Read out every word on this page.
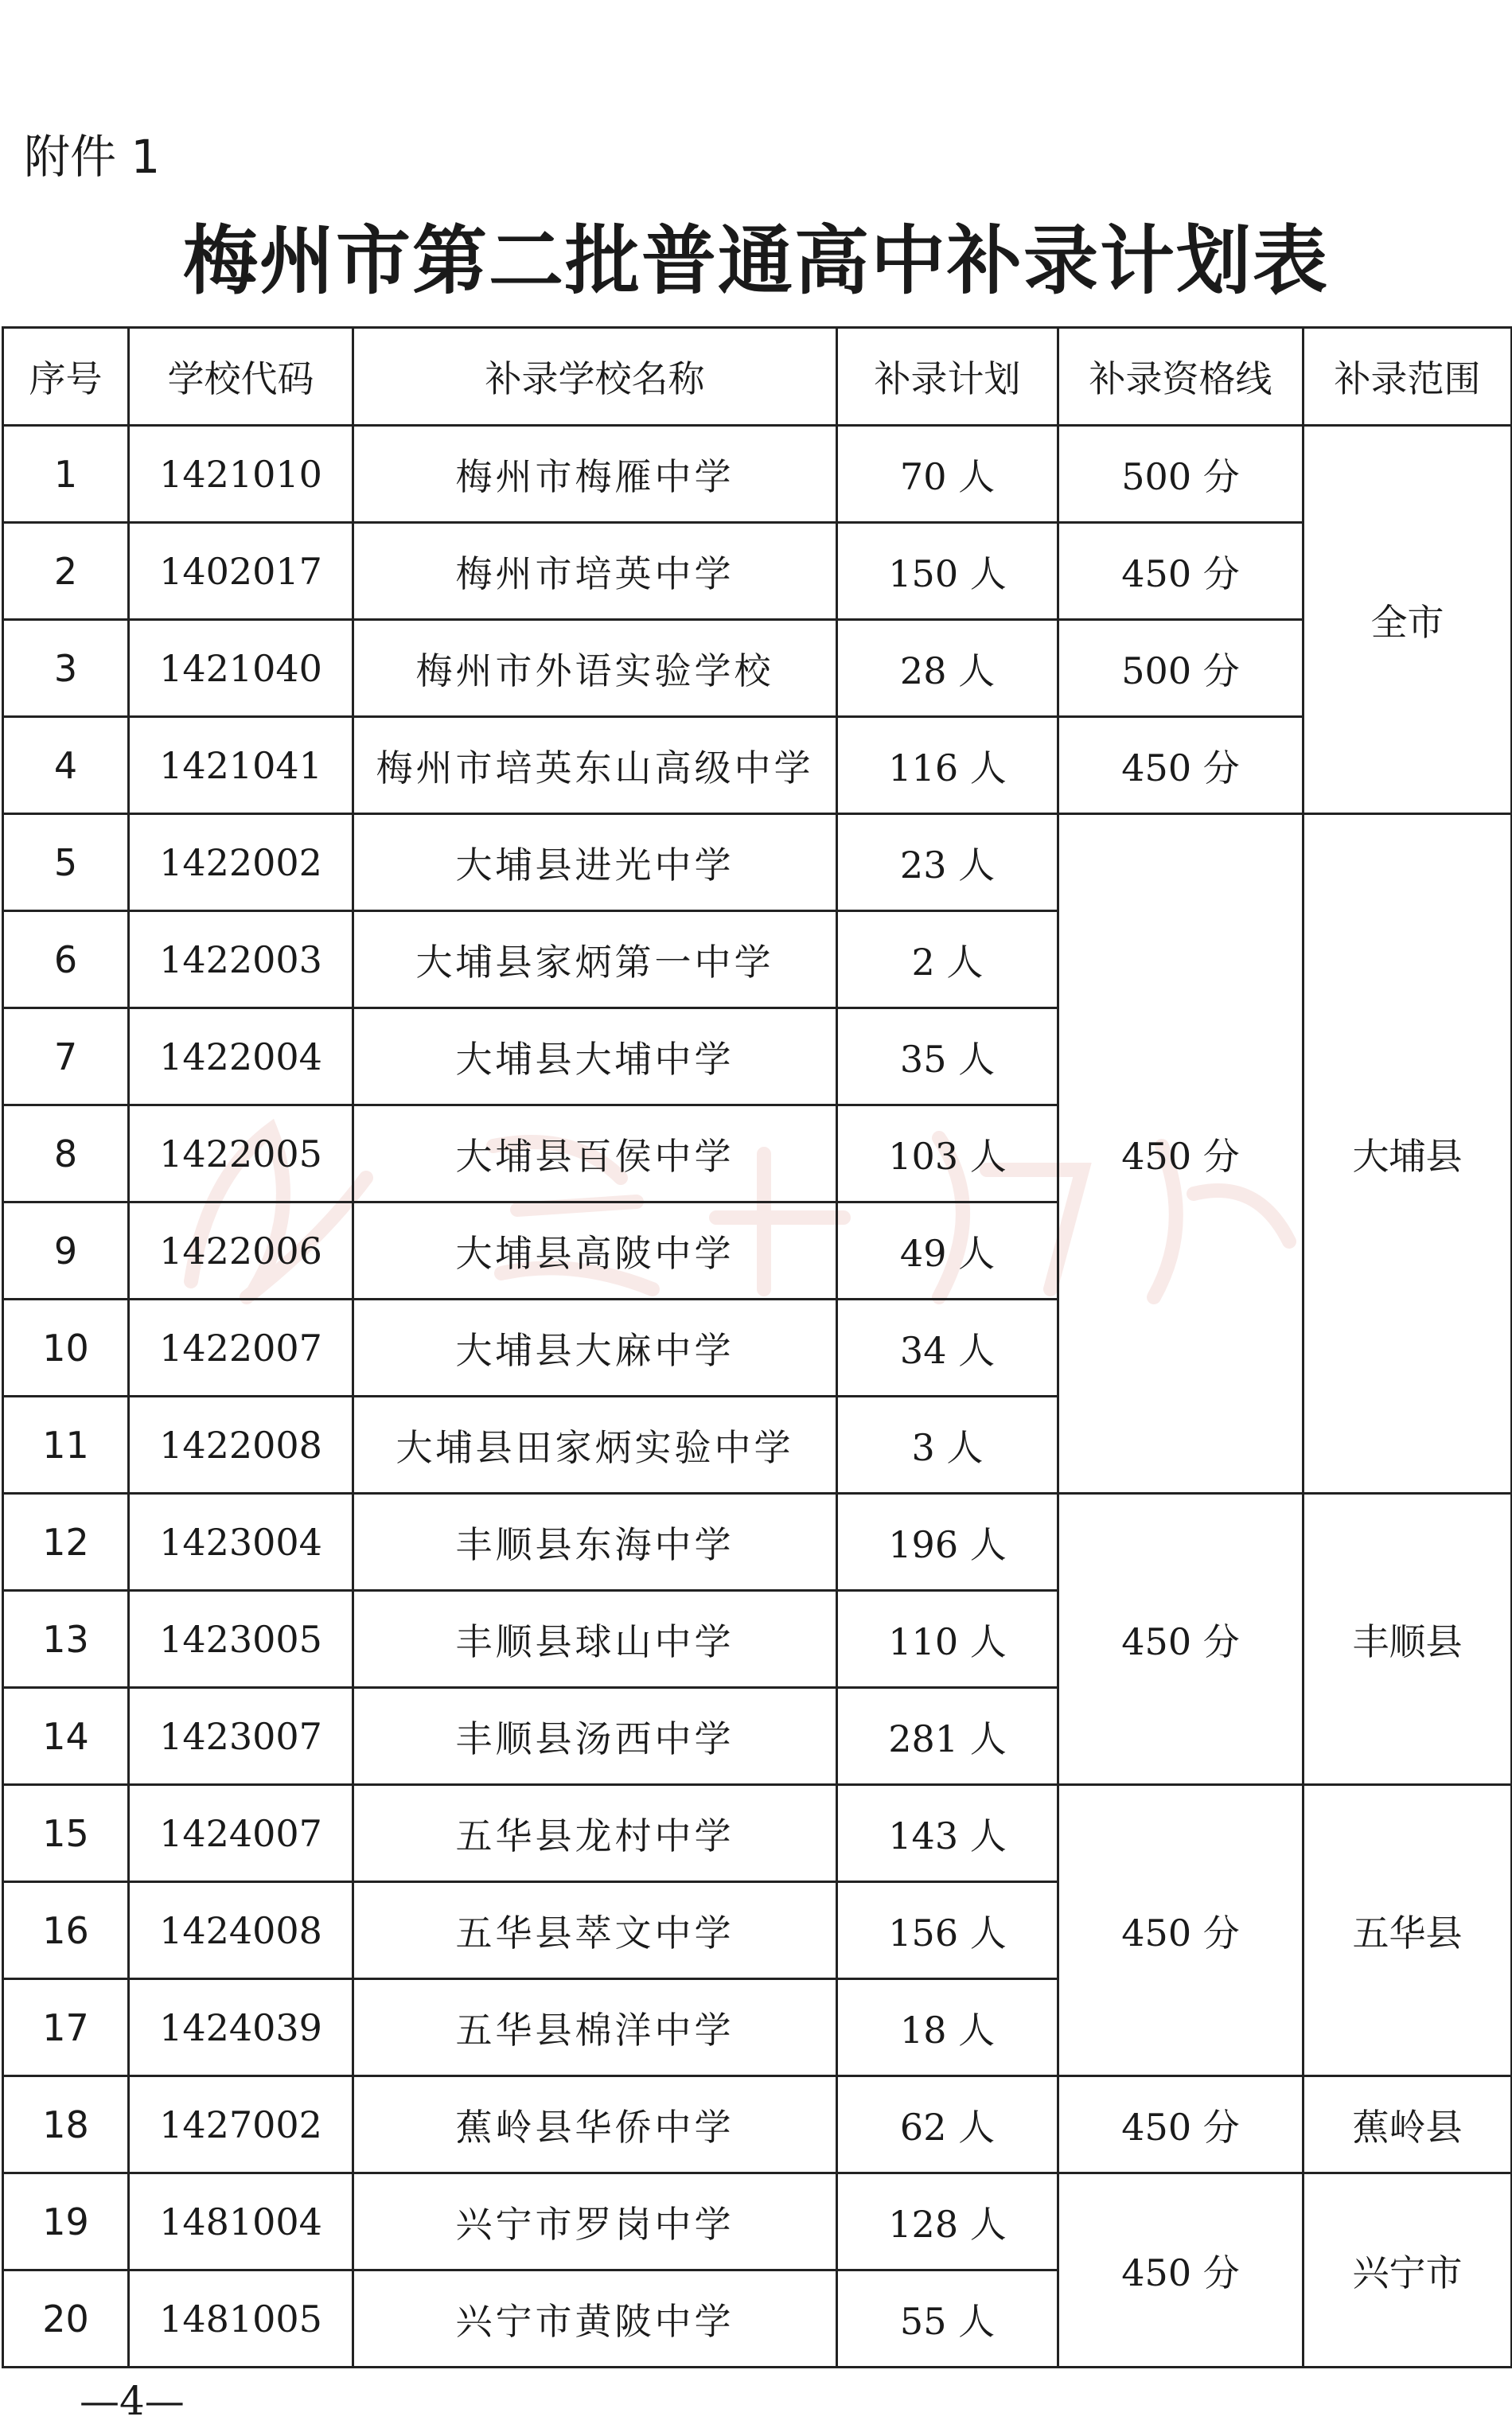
附件 1
梅州市第二批普通高中补录计划表
序号	学校代码	补录学校名称	补录计划	补录资格线	补录范围
1	1421010	梅州市梅雁中学	70 人	500 分	全市
2	1402017	梅州市培英中学	150 人	450 分	
3	1421040	梅州市外语实验学校	28 人	500 分	
4	1421041	梅州市培英东山高级中学	116 人	450 分	
5	1422002	大埔县进光中学	23 人	450 分	大埔县
6	1422003	大埔县家炳第一中学	2 人		
7	1422004	大埔县大埔中学	35 人		
8	1422005	大埔县百侯中学	103 人		
9	1422006	大埔县高陂中学	49 人		
10	1422007	大埔县大麻中学	34 人		
11	1422008	大埔县田家炳实验中学	3 人		
12	1423004	丰顺县东海中学	196 人	450 分	丰顺县
13	1423005	丰顺县球山中学	110 人		
14	1423007	丰顺县汤西中学	281 人		
15	1424007	五华县龙村中学	143 人	450 分	五华县
16	1424008	五华县萃文中学	156 人		
17	1424039	五华县棉洋中学	18 人		
18	1427002	蕉岭县华侨中学	62 人	450 分	蕉岭县
19	1481004	兴宁市罗岗中学	128 人	450 分	兴宁市
20	1481005	兴宁市黄陂中学	55 人		
—4—
